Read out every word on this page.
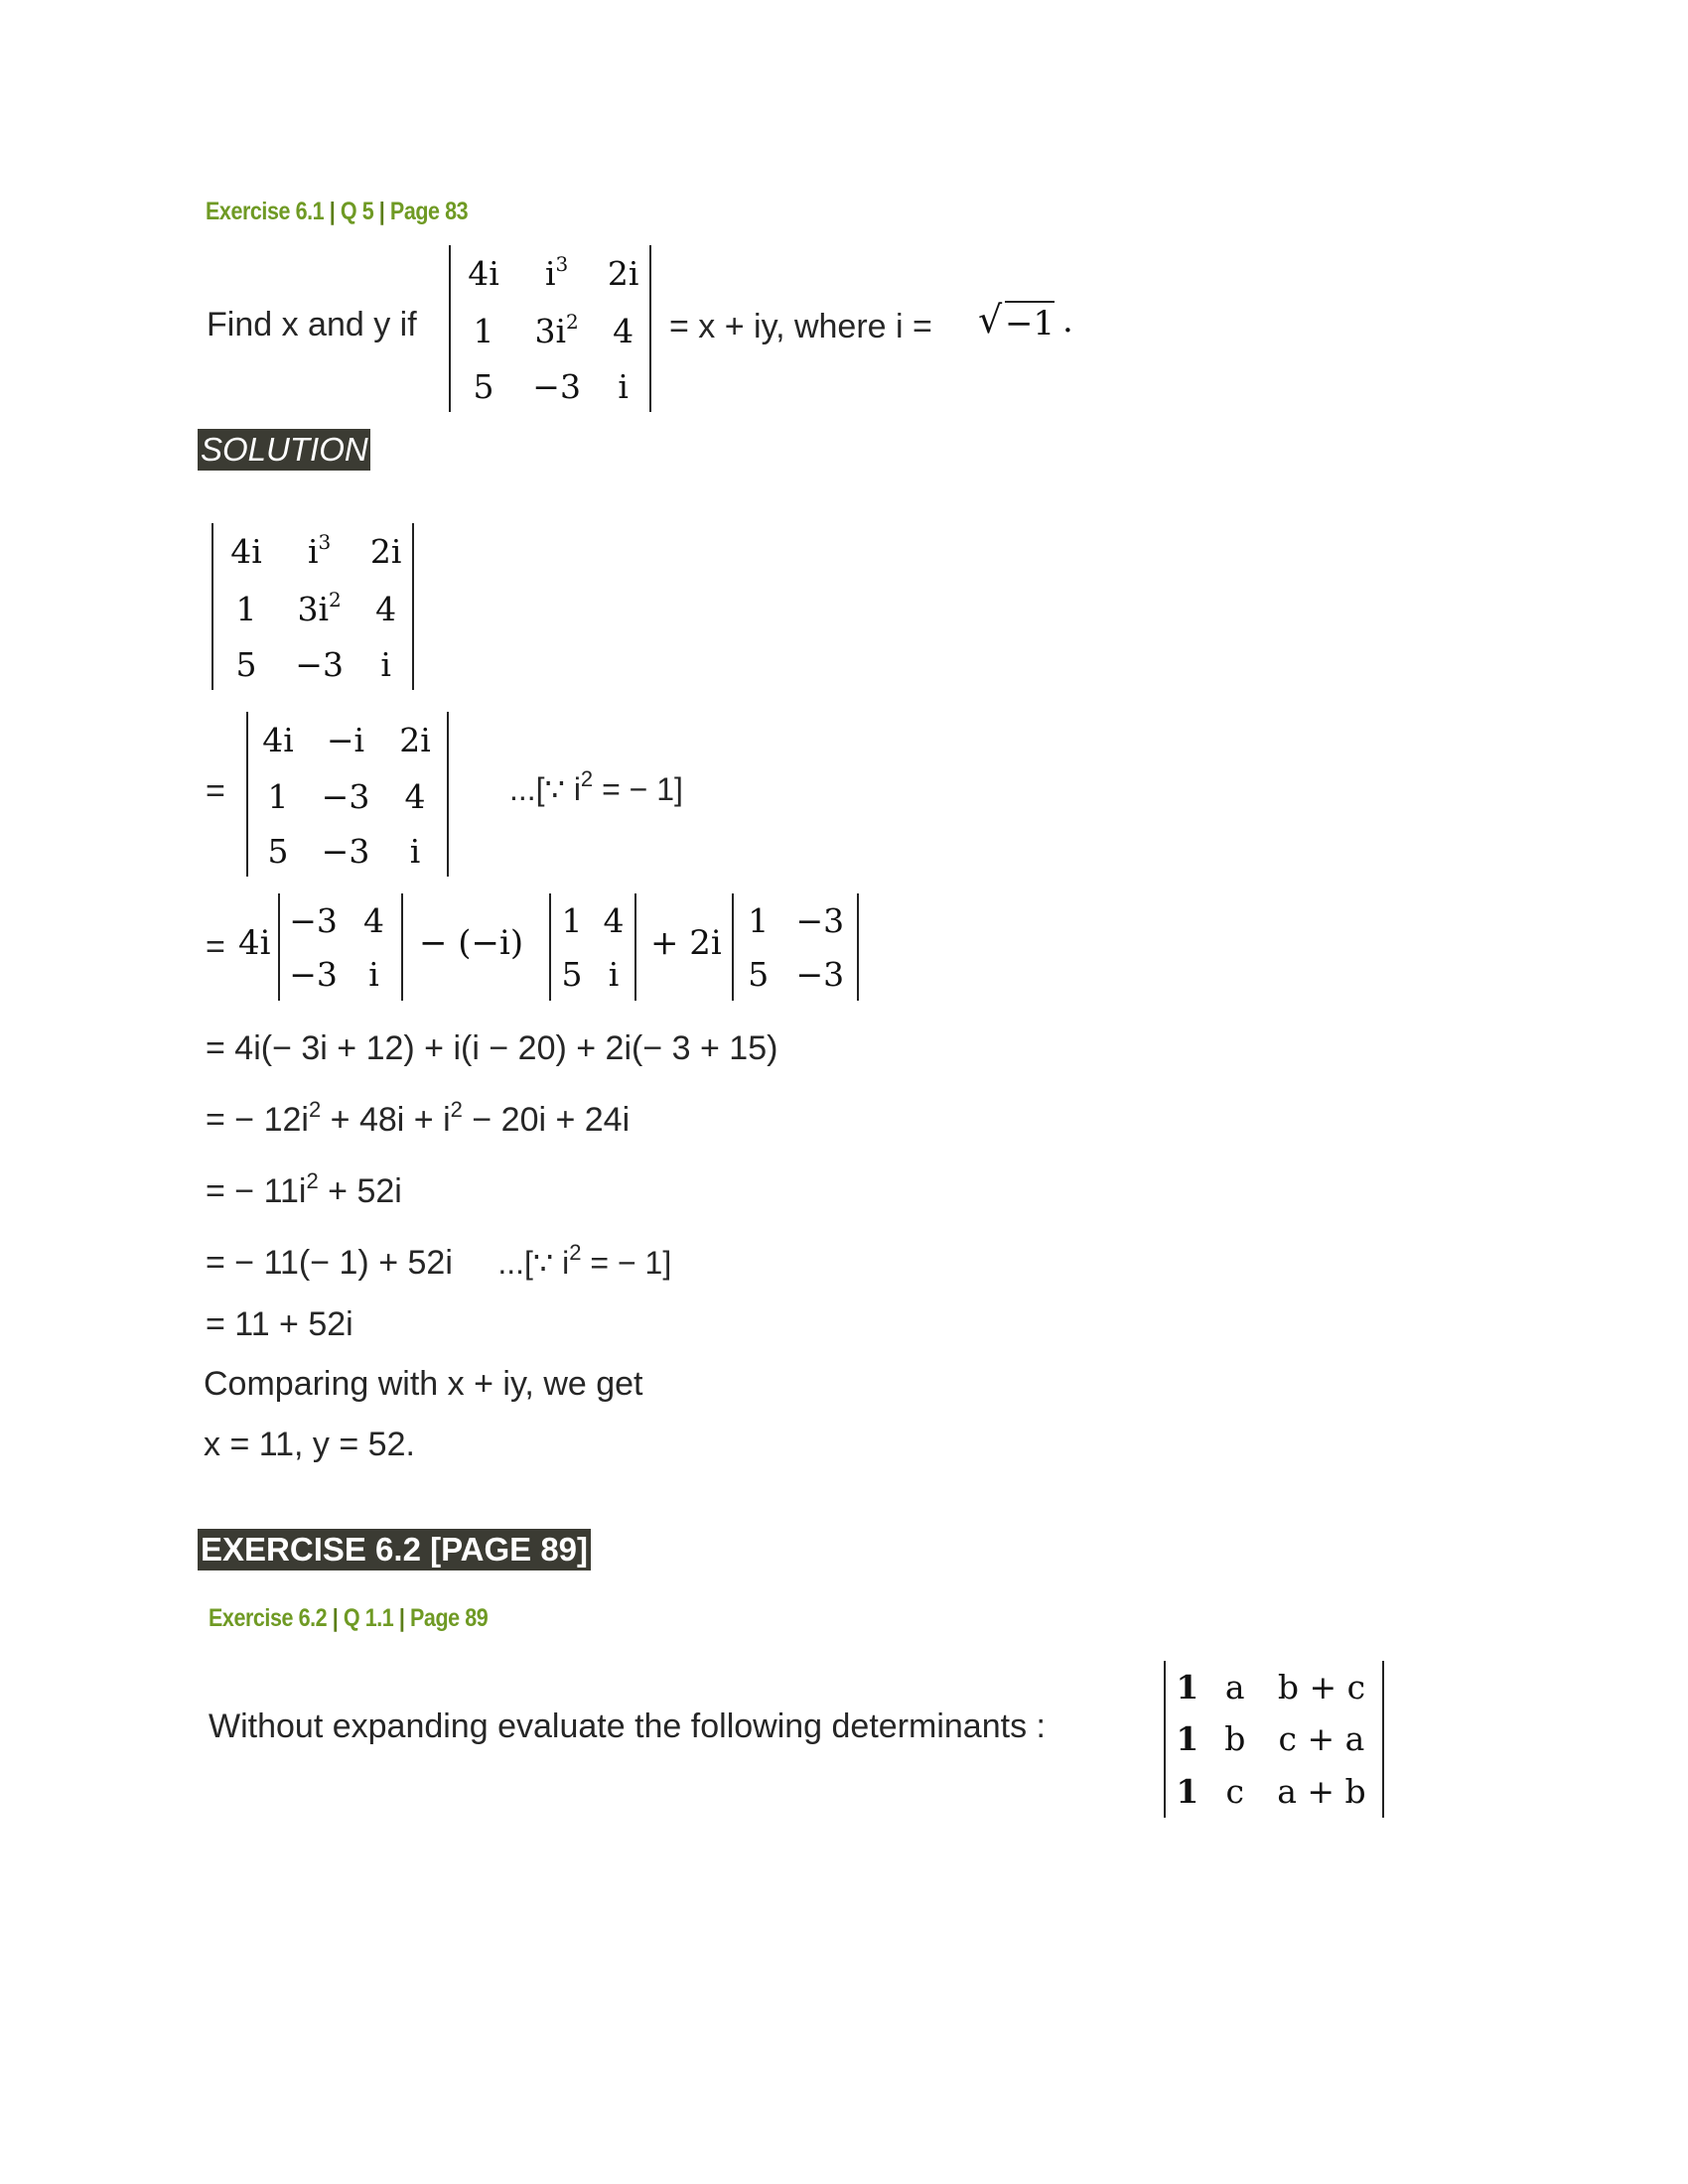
Exercise 6.1 | Q 5 | Page 83
Find x and y if
4i	$i^3$	2i
1	$3i^2$	4
5	−3	i
= x + iy, where i = √ −1 .
SOLUTION
4i	$i^3$	2i
1	$3i^2$	4
5	−3	i
=
4i	−i	2i
1	−3	4
5	−3	i
...[∵ $i^2$ = − 1]
= 4i
−3	4
−3	i
− (−i)
1	4
5	i
+ 2i
1	−3
5	−3
= 4i(− 3i + 12) + i(i − 20) + 2i(− 3 + 15)
= − $12i^2 + 48i + i^2 - 20i + 24i$
= − $11i^2 + 52i$
= − 11(− 1) + 52i ...[∵ $i^2$ = − 1]
= 11 + 52i
Comparing with x + iy, we get
x = 11, y = 52.
EXERCISE 6.2 [PAGE 89]
Exercise 6.2 | Q 1.1 | Page 89
Without expanding evaluate the following determinants :
1	a	b + c
1	b	c + a
1	c	a + b
